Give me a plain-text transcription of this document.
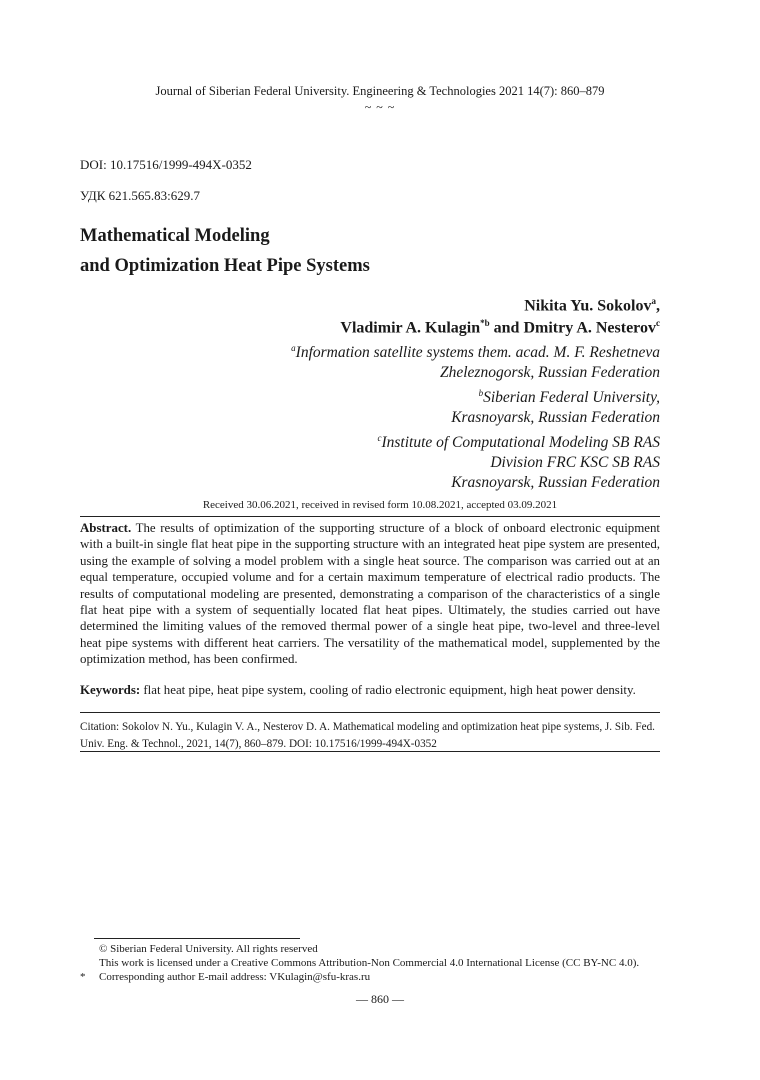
Journal of Siberian Federal University. Engineering & Technologies 2021 14(7): 860–879
~ ~ ~
DOI: 10.17516/1999-494X-0352
УДК 621.565.83:629.7
Mathematical Modeling
and Optimization Heat Pipe Systems
Nikita Yu. Sokolov$^a$,
Vladimir A. Kulagin$^{*b}$ and Dmitry A. Nesterov$^c$
$^a$Information satellite systems them. acad. M. F. Reshetneva
Zheleznogorsk, Russian Federation
$^b$Siberian Federal University,
Krasnoyarsk, Russian Federation
$^c$Institute of Computational Modeling SB RAS
Division FRC KSC SB RAS
Krasnoyarsk, Russian Federation
Received 30.06.2021, received in revised form 10.08.2021, accepted 03.09.2021
Abstract. The results of optimization of the supporting structure of a block of onboard electronic equipment with a built-in single flat heat pipe in the supporting structure with an integrated heat pipe system are presented, using the example of solving a model problem with a single heat source. The comparison was carried out at an equal temperature, occupied volume and for a certain maximum temperature of electrical radio products. The results of computational modeling are presented, demonstrating a comparison of the characteristics of a single flat heat pipe with a system of sequentially located flat heat pipes. Ultimately, the studies carried out have determined the limiting values of the removed thermal power of a single heat pipe, two-level and three-level heat pipe systems with different heat carriers. The versatility of the mathematical model, supplemented by the optimization method, has been confirmed.
Keywords: flat heat pipe, heat pipe system, cooling of radio electronic equipment, high heat power density.
Citation: Sokolov N. Yu., Kulagin V. A., Nesterov D. A. Mathematical modeling and optimization heat pipe systems, J. Sib. Fed. Univ. Eng. & Technol., 2021, 14(7), 860–879. DOI: 10.17516/1999-494X-0352
© Siberian Federal University. All rights reserved
This work is licensed under a Creative Commons Attribution-Non Commercial 4.0 International License (CC BY-NC 4.0).
* Corresponding author E-mail address: VKulagin@sfu-kras.ru
— 860 —
